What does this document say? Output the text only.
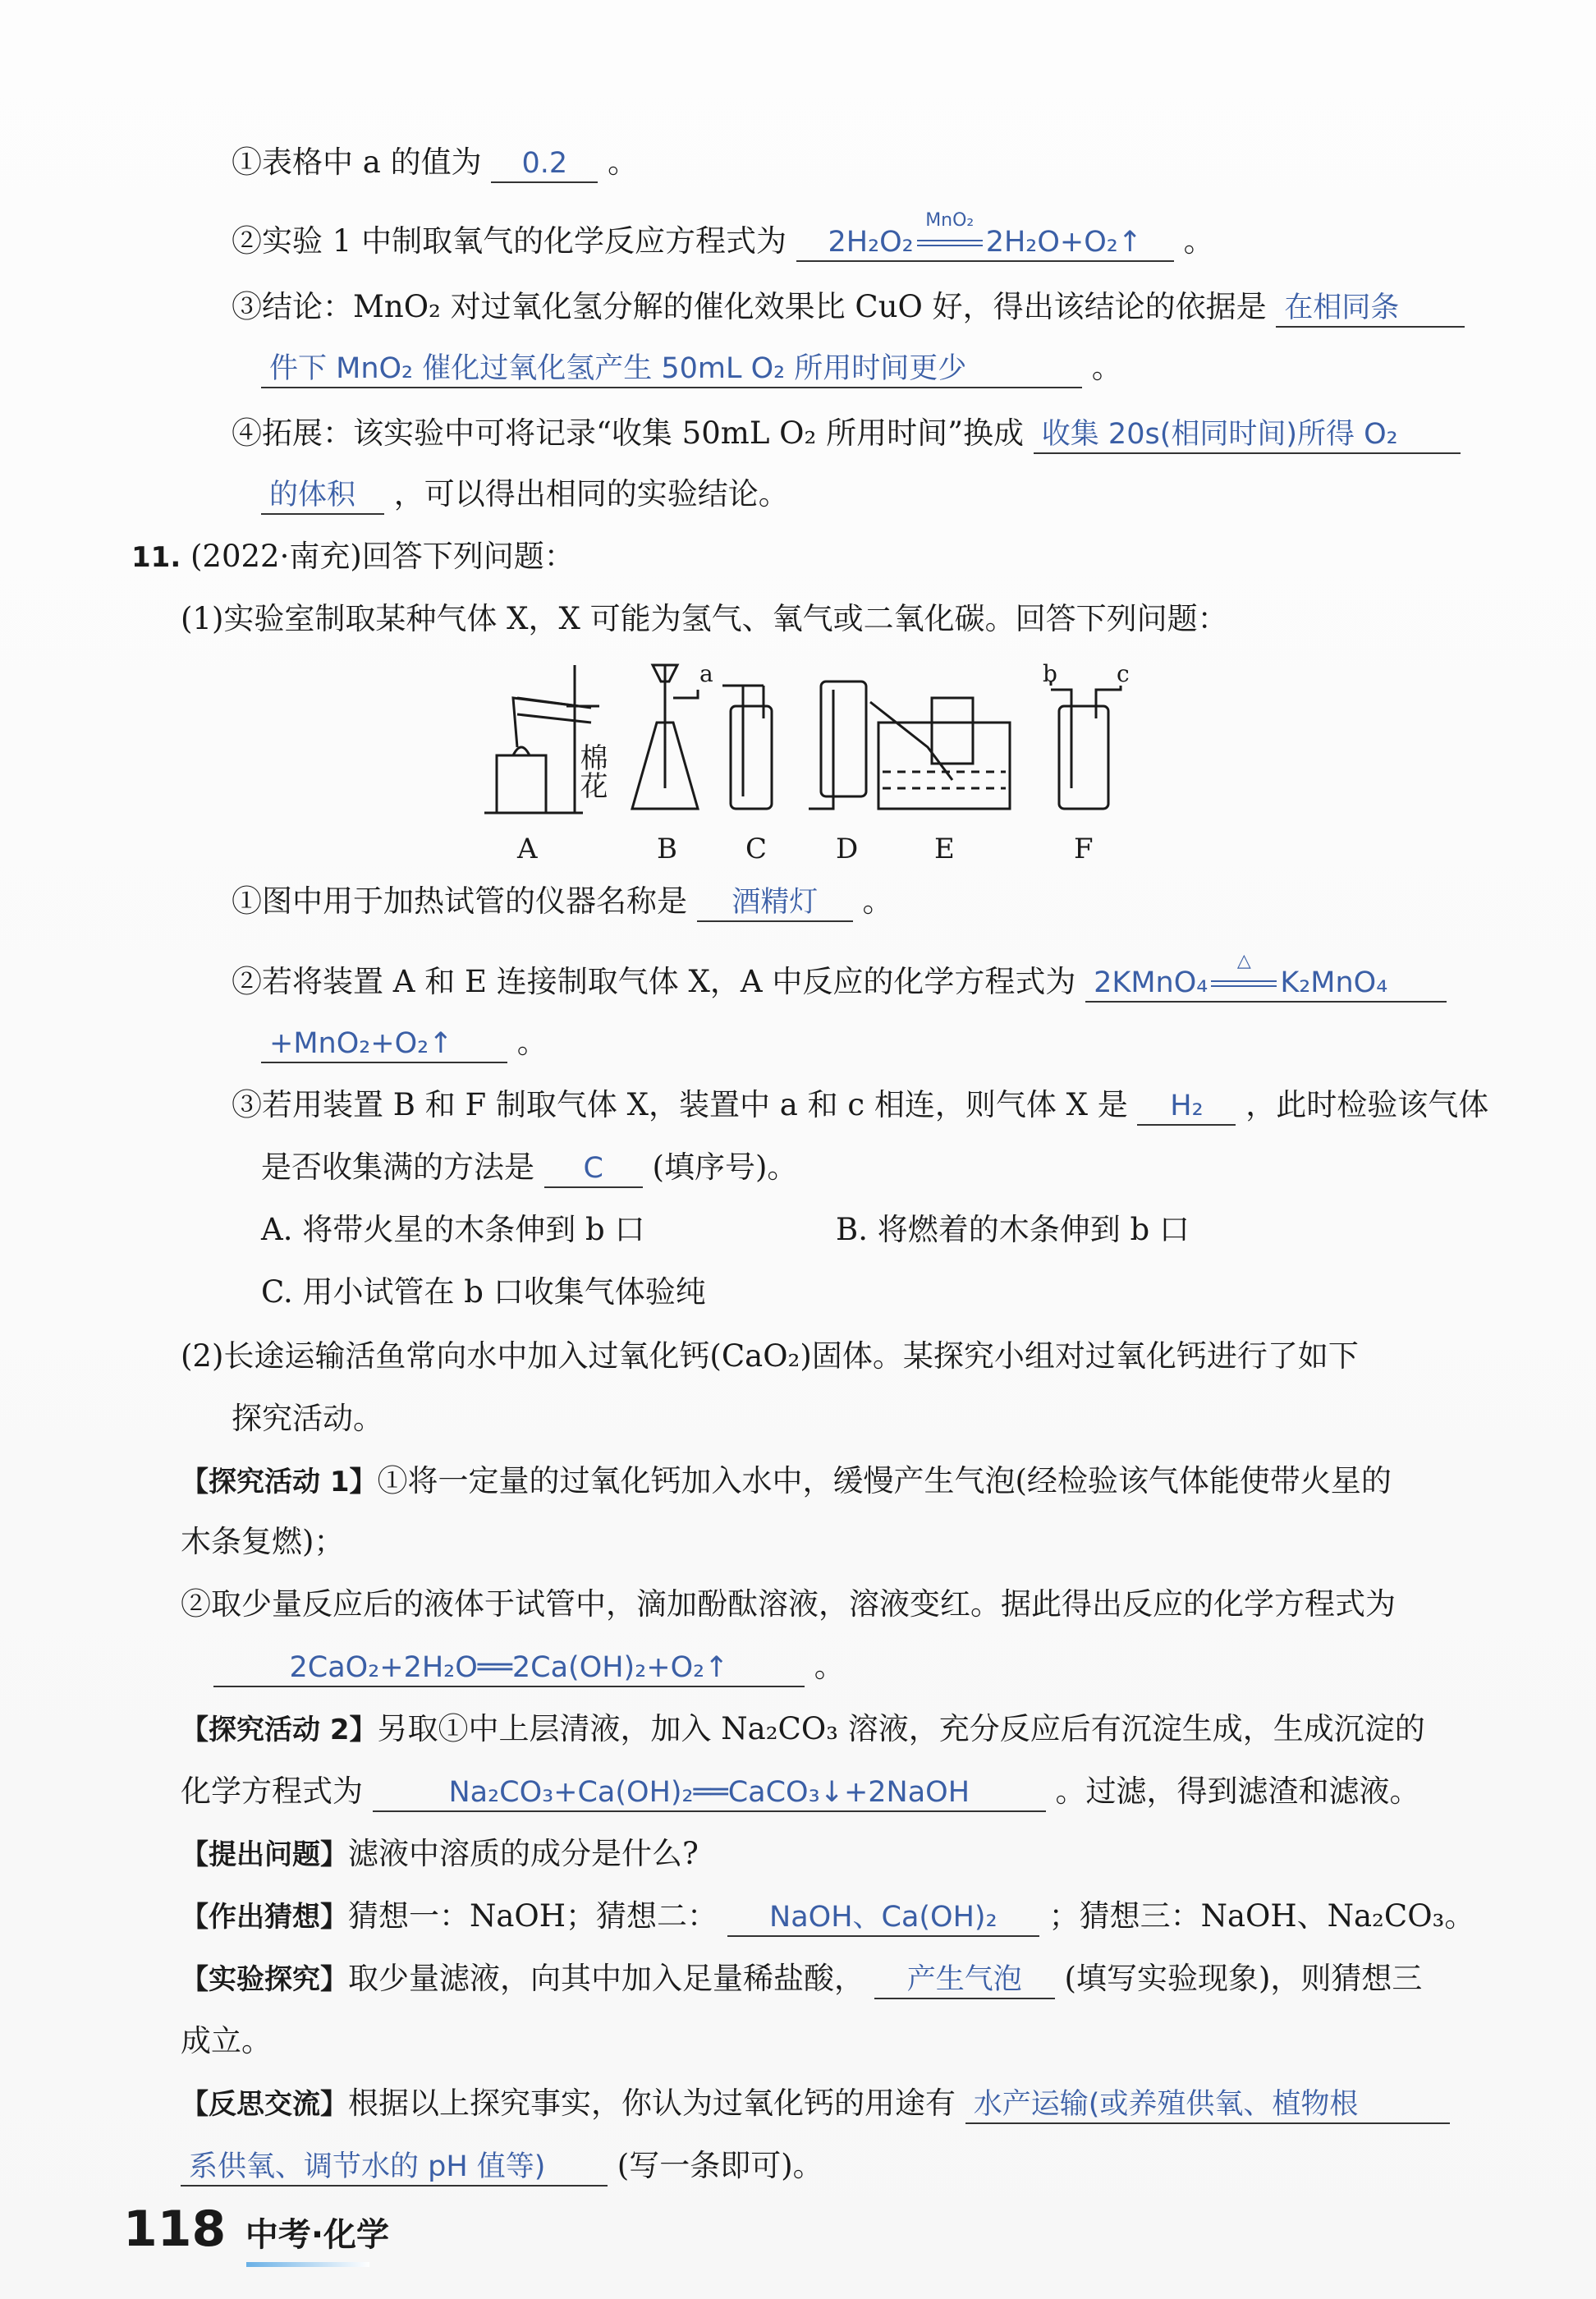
①表格中 a 的值为 0.2 。
②实验 1 中制取氧气的化学反应方程式为 2H₂O₂
MnO₂
2H₂O+O₂↑ 。
③结论：MnO₂ 对过氧化氢分解的催化效果比 CuO 好，得出该结论的依据是 在相同条
件下 MnO₂ 催化过氧化氢产生 50mL O₂ 所用时间更少	。
④拓展：该实验中可将记录“收集 50mL O₂ 所用时间”换成 收集 20s(相同时间)所得 O₂
的体积 ，可以得出相同的实验结论。
11. (2022·南充)回答下列问题：
(1)实验室制取某种气体 X，X 可能为氢气、氧气或二氧化碳。回答下列问题：
A	B C D	E	F
a	b	c
棉花
①图中用于加热试管的仪器名称是 酒精灯 。
②若将装置 A 和 E 连接制取气体 X，A 中反应的化学方程式为 2KMnO₄
△
K₂MnO₄
+MnO₂+O₂↑ 。
③若用装置 B 和 F 制取气体 X，装置中 a 和 c 相连，则气体 X 是 H₂ ，此时检验该气体
是否收集满的方法是 C (填序号)。
A. 将带火星的木条伸到 b 口	B. 将燃着的木条伸到 b 口
C. 用小试管在 b 口收集气体验纯
(2)长途运输活鱼常向水中加入过氧化钙(CaO₂)固体。某探究小组对过氧化钙进行了如下
探究活动。
【探究活动 1】①将一定量的过氧化钙加入水中，缓慢产生气泡(经检验该气体能使带火星的
木条复燃)；
②取少量反应后的液体于试管中，滴加酚酞溶液，溶液变红。据此得出反应的化学方程式为
2CaO₂+2H₂O══2Ca(OH)₂+O₂↑	。
【探究活动 2】另取①中上层清液，加入 Na₂CO₃ 溶液，充分反应后有沉淀生成，生成沉淀的
化学方程式为	Na₂CO₃+Ca(OH)₂══CaCO₃↓+2NaOH	。过滤，得到滤渣和滤液。
【提出问题】滤液中溶质的成分是什么?
【作出猜想】猜想一：NaOH；猜想二： NaOH、Ca(OH)₂ ；猜想三：NaOH、Na₂CO₃。
【实验探究】取少量滤液，向其中加入足量稀盐酸， 产生气泡 (填写实验现象)，则猜想三
成立。
【反思交流】根据以上探究事实，你认为过氧化钙的用途有 水产运输(或养殖供氧、植物根
系供氧、调节水的 pH 值等) (写一条即可)。
118 中考·化学
